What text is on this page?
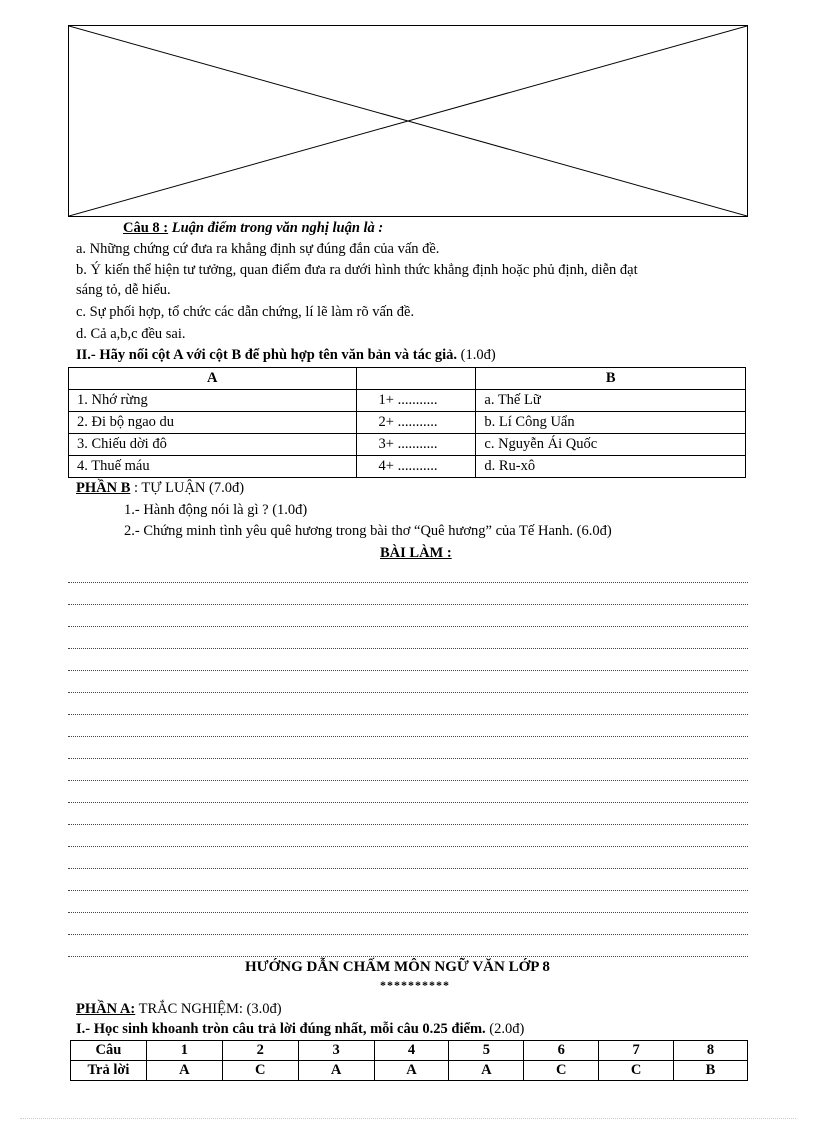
Câu 8 : Luận điểm trong văn nghị luận là :
a. Những chứng cứ đưa ra khẳng định sự đúng đắn của vấn đề.
b. Ý kiến thể hiện tư tưởng, quan điểm đưa ra dưới hình thức khẳng định hoặc phủ định, diễn đạt
sáng tỏ, dễ hiểu.
c. Sự phối hợp, tổ chức các dẫn chứng, lí lẽ làm rõ vấn đề.
d. Cả a,b,c đều sai.
II.- Hãy nối cột A với cột B để phù hợp tên văn bản và tác giả. (1.0đ)
A		B
1. Nhớ rừng	1+ ...........	a. Thế Lữ
2. Đi bộ ngao du	2+ ...........	b. Lí Công Uẩn
3. Chiếu dời đô	3+ ...........	c. Nguyễn Ái Quốc
4. Thuế máu	4+ ...........	d. Ru-xô
PHẦN B : TỰ LUẬN (7.0đ)
1.- Hành động nói là gì ? (1.0đ)
2.- Chứng minh tình yêu quê hương trong bài thơ “Quê hương” của Tế Hanh. (6.0đ)
BÀI LÀM :
HƯỚNG DẪN CHẤM MÔN NGỮ VĂN LỚP 8
**********
PHẦN A: TRẮC NGHIỆM: (3.0đ)
I.- Học sinh khoanh tròn câu trả lời đúng nhất, mỗi câu 0.25 điểm. (2.0đ)
Câu	1	2	3	4	5	6	7	8
Trả lời	A	C	A	A	A	C	C	B
